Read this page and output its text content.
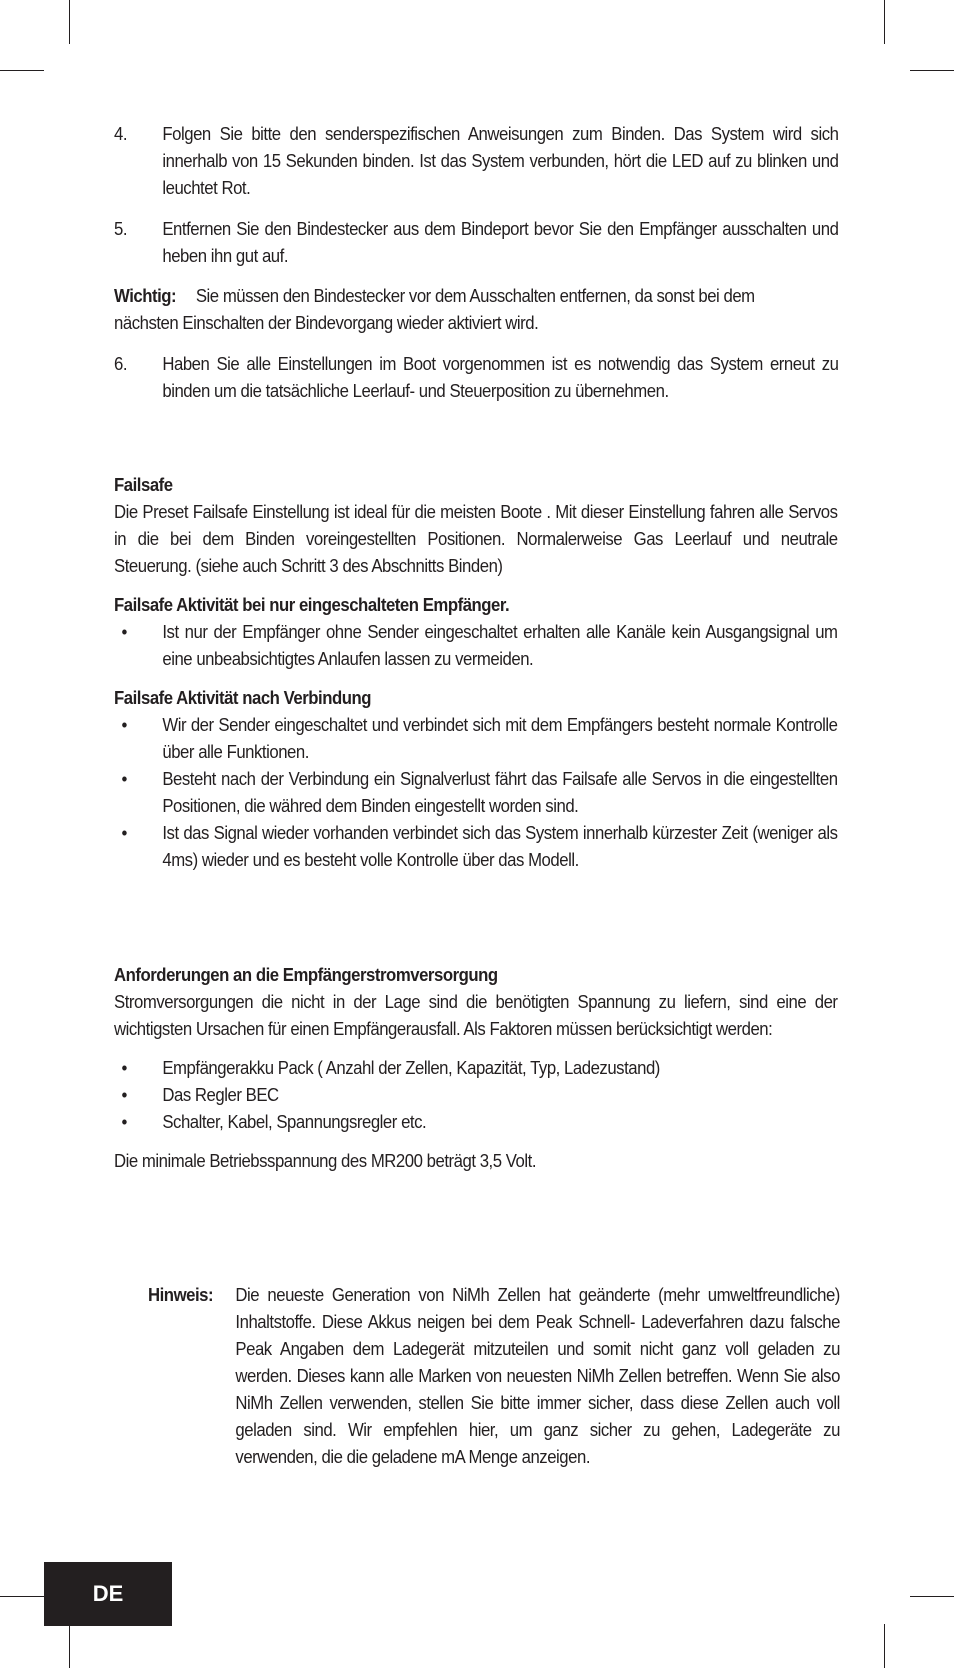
4. Folgen Sie bitte den senderspezifischen Anweisungen zum Binden. Das System wird sich innerhalb von 15 Sekunden binden. Ist das System verbunden, hört die LED auf zu blinken und leuchtet Rot.
5. Entfernen Sie den Bindestecker aus dem Bindeport bevor Sie den Empfänger ausschalten und heben ihn gut auf.
Wichtig:	Sie müssen den Bindestecker vor dem Ausschalten entfernen, da sonst bei dem nächsten Einschalten der Bindevorgang wieder aktiviert wird.
6. Haben Sie alle Einstellungen im Boot vorgenommen ist es notwendig das System erneut zu binden um die tatsächliche Leerlauf- und Steuerposition zu übernehmen.
Failsafe
Die Preset Failsafe Einstellung ist ideal für die meisten Boote . Mit dieser Einstellung fahren alle Servos in die bei dem Binden voreingestellten Positionen. Normalerweise Gas Leerlauf und neutrale Steuerung. (siehe auch Schritt 3 des Abschnitts Binden)
Failsafe Aktivität bei nur eingeschalteten Empfänger.
• Ist nur der Empfänger ohne Sender eingeschaltet erhalten alle Kanäle kein Ausgangsignal um eine unbeabsichtigtes Anlaufen lassen zu vermeiden.
Failsafe Aktivität nach Verbindung
• Wir der Sender eingeschaltet und verbindet sich mit dem Empfängers besteht normale Kontrolle über alle Funktionen.
• Besteht nach der Verbindung ein Signalverlust fährt das Failsafe alle Servos in die eingestellten Positionen, die währed dem Binden eingestellt worden sind.
• Ist das Signal wieder vorhanden verbindet sich das System innerhalb kürzester Zeit (weniger als 4ms) wieder und es besteht volle Kontrolle über das Modell.
Anforderungen an die Empfängerstromversorgung
Stromversorgungen die nicht in der Lage sind die benötigten Spannung zu liefern, sind eine der wichtigsten Ursachen für einen Empfängerausfall. Als Faktoren müssen berücksichtigt werden:
• Empfängerakku Pack ( Anzahl der Zellen, Kapazität, Typ, Ladezustand)
• Das Regler BEC
• Schalter, Kabel, Spannungsregler etc.
Die minimale Betriebsspannung des MR200 beträgt 3,5 Volt.
Hinweis: Die neueste Generation von NiMh Zellen hat geänderte (mehr umweltfreundliche) Inhaltstoffe. Diese Akkus neigen bei dem Peak Schnell- Ladeverfahren dazu falsche Peak Angaben dem Ladegerät mitzuteilen und somit nicht ganz voll geladen zu werden. Dieses kann alle Marken von neuesten NiMh Zellen betreffen. Wenn Sie also NiMh Zellen verwenden, stellen Sie bitte immer sicher, dass diese Zellen auch voll geladen sind. Wir empfehlen hier, um ganz sicher zu gehen, Ladegeräte zu verwenden, die die geladene mA Menge anzeigen.
DE
